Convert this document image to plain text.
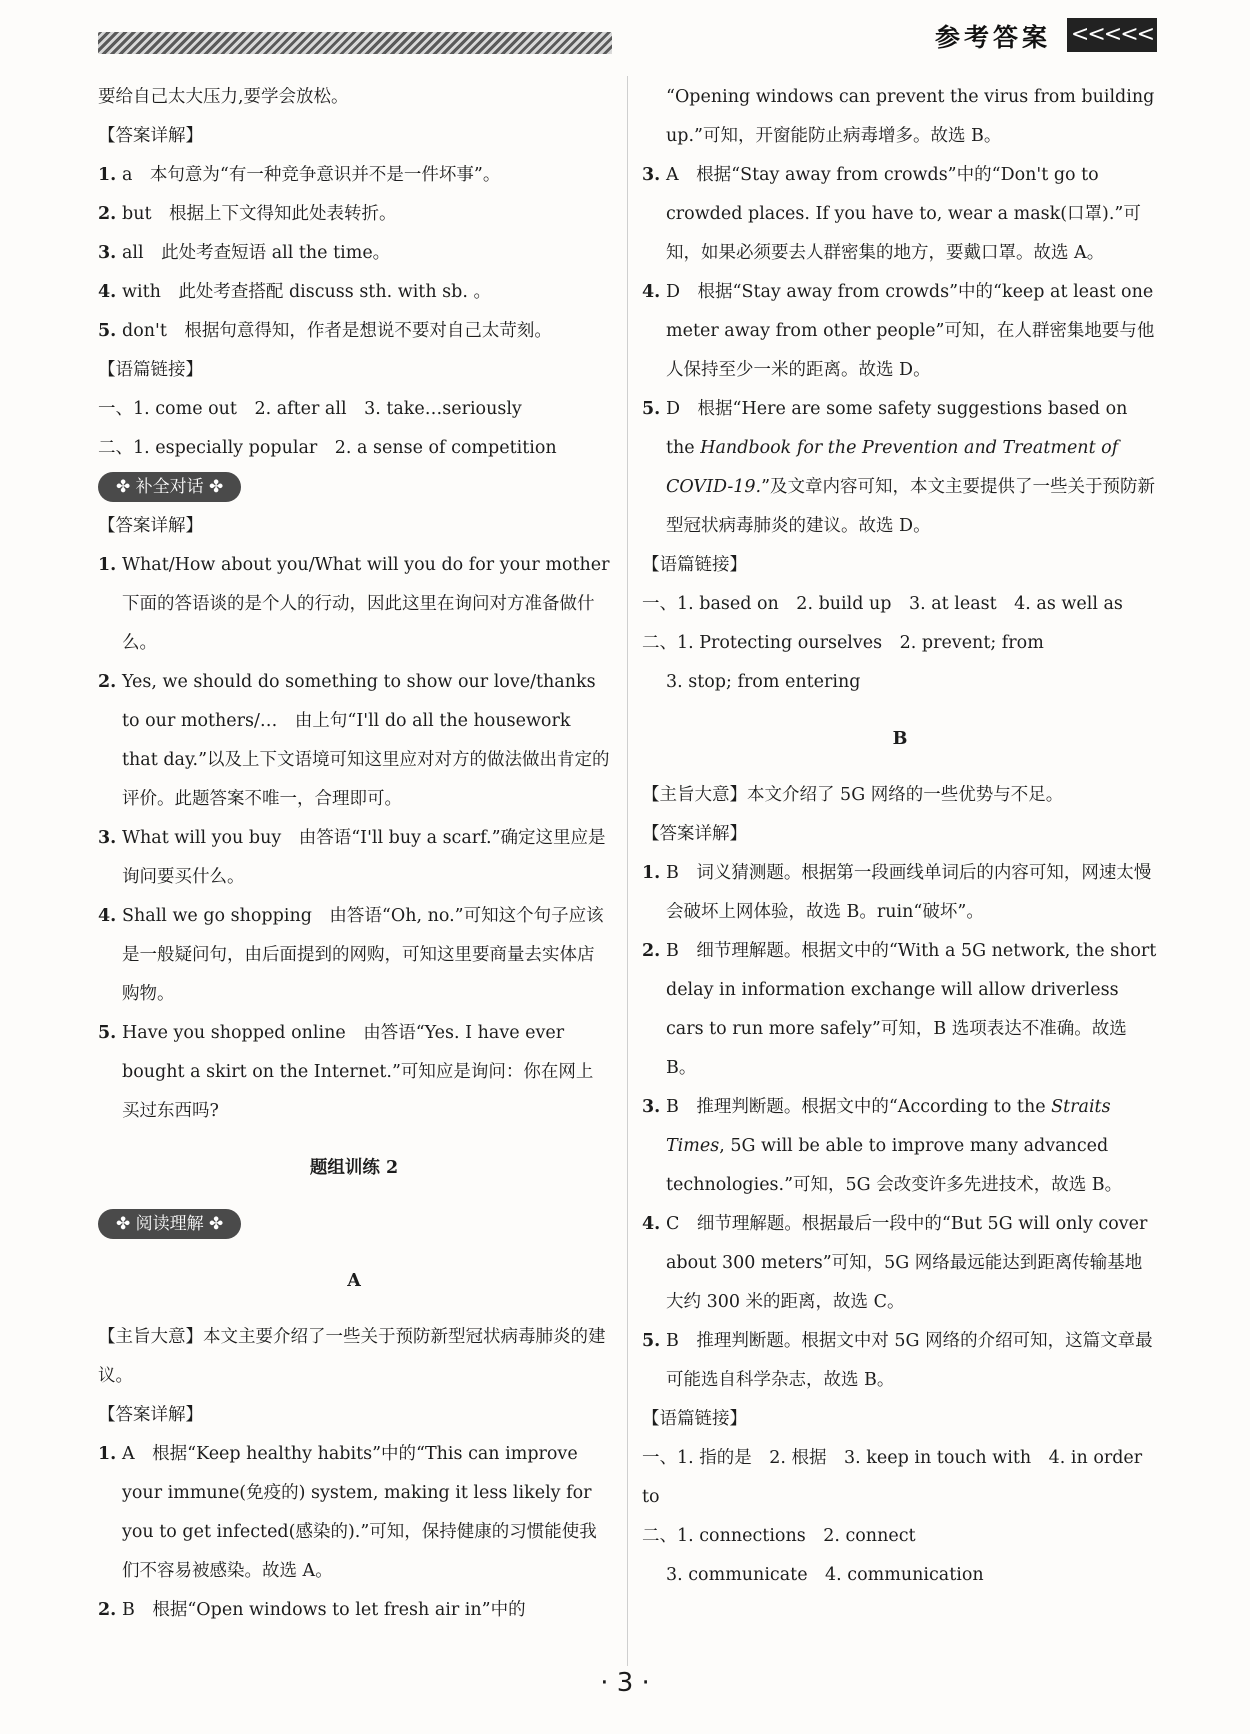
参考答案 <<<<<

要给自己太大压力,要学会放松。

【答案详解】

1. a　本句意为“有一种竞争意识并不是一件坏事”。
2. but　根据上下文得知此处表转折。
3. all　此处考查短语 all the time。
4. with　此处考查搭配 discuss sth. with sb. 。
5. don't　根据句意得知，作者是想说不要对自己太苛刻。

【语篇链接】

一、1. come out　2. after all　3. take…seriously

二、1. especially popular　2. a sense of competition

✤ 补全对话 ✤

【答案详解】

1. What/How about you/What will you do for your mother　下面的答语谈的是个人的行动，因此这里在询问对方准备做什么。
2. Yes, we should do something to show our love/thanks to our mothers/…　由上句“I'll do all the housework that day.”以及上下文语境可知这里应对对方的做法做出肯定的评价。此题答案不唯一，合理即可。
3. What will you buy　由答语“I'll buy a scarf.”确定这里应是询问要买什么。
4. Shall we go shopping　由答语“Oh, no.”可知这个句子应该是一般疑问句，由后面提到的网购，可知这里要商量去实体店购物。
5. Have you shopped online　由答语“Yes. I have ever bought a skirt on the Internet.”可知应是询问：你在网上买过东西吗?

题组训练 2

✤ 阅读理解 ✤

A

【主旨大意】本文主要介绍了一些关于预防新型冠状病毒肺炎的建议。

【答案详解】

1. A　根据“Keep healthy habits”中的“This can improve your immune(免疫的) system, making it less likely for you to get infected(感染的).”可知，保持健康的习惯能使我们不容易被感染。故选 A。
2. B　根据“Open windows to let fresh air in”中的

“Opening windows can prevent the virus from building up.”可知，开窗能防止病毒增多。故选 B。

3. A　根据“Stay away from crowds”中的“Don't go to crowded places. If you have to, wear a mask(口罩).”可知，如果必须要去人群密集的地方，要戴口罩。故选 A。
4. D　根据“Stay away from crowds”中的“keep at least one meter away from other people”可知，在人群密集地要与他人保持至少一米的距离。故选 D。
5. D　根据“Here are some safety suggestions based on the Handbook for the Prevention and Treatment of COVID-19.”及文章内容可知，本文主要提供了一些关于预防新型冠状病毒肺炎的建议。故选 D。

【语篇链接】

一、1. based on　2. build up　3. at least　4. as well as

二、1. Protecting ourselves　2. prevent; from

3. stop; from entering

B

【主旨大意】本文介绍了 5G 网络的一些优势与不足。

【答案详解】

1. B　词义猜测题。根据第一段画线单词后的内容可知，网速太慢会破坏上网体验，故选 B。ruin“破坏”。
2. B　细节理解题。根据文中的“With a 5G network, the short delay in information exchange will allow driverless cars to run more safely”可知，B 选项表达不准确。故选 B。
3. B　推理判断题。根据文中的“According to the Straits Times, 5G will be able to improve many advanced technologies.”可知，5G 会改变许多先进技术，故选 B。
4. C　细节理解题。根据最后一段中的“But 5G will only cover about 300 meters”可知，5G 网络最远能达到距离传输基地大约 300 米的距离，故选 C。
5. B　推理判断题。根据文中对 5G 网络的介绍可知，这篇文章最可能选自科学杂志，故选 B。

【语篇链接】

一、1. 指的是　2. 根据　3. keep in touch with　4. in order to

二、1. connections　2. connect

3. communicate　4. communication

· 3 ·
